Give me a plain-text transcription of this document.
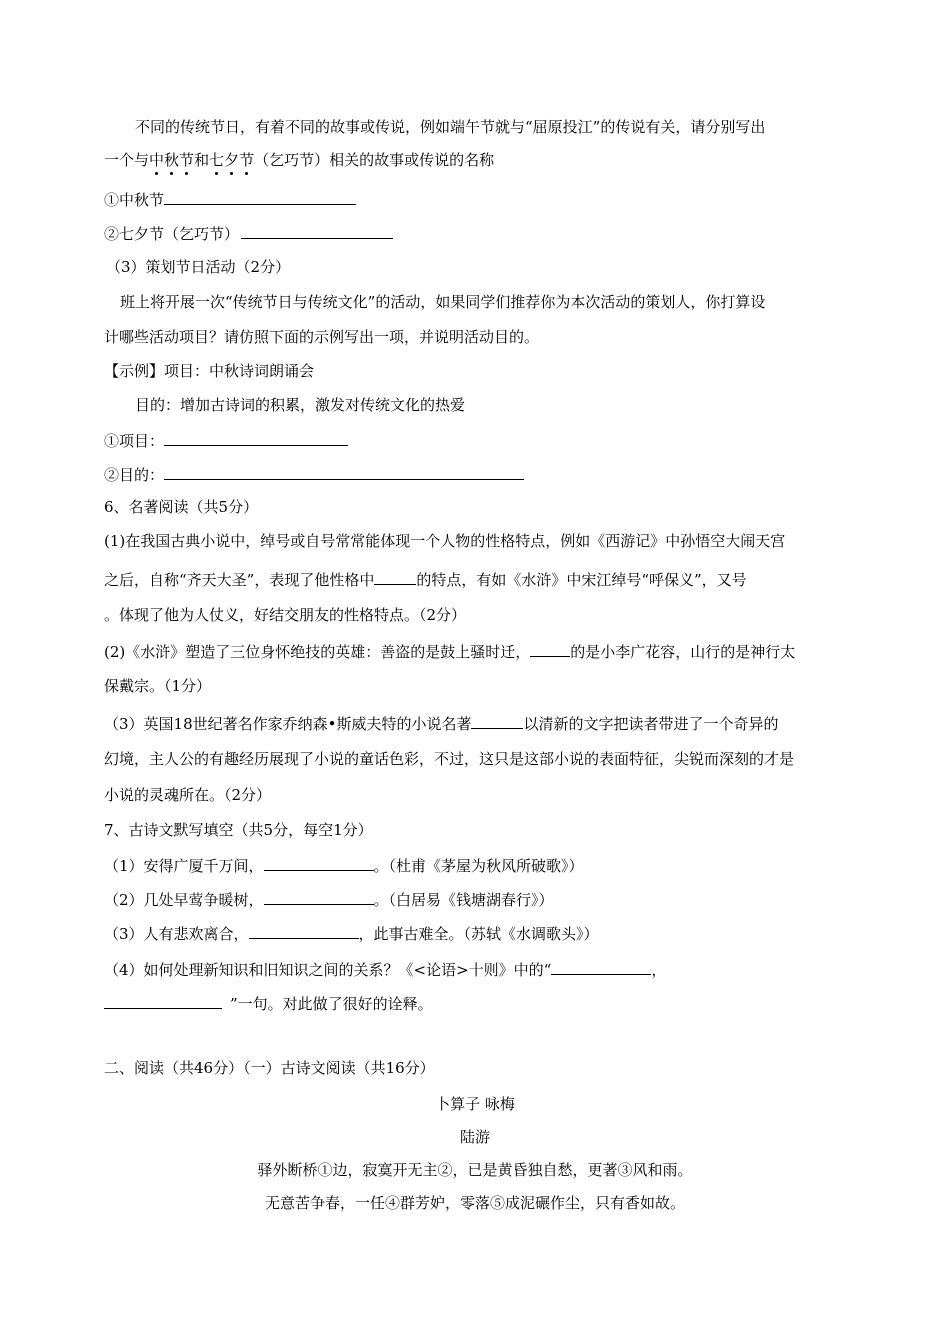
不同的传统节日，有着不同的故事或传说，例如端午节就与“屈原投江”的传说有关，请分别写出
一个与中秋节和七夕节（乞巧节）相关的故事或传说的名称
①中秋节
②七夕节（乞巧节）
（3）策划节日活动（2分）
班上将开展一次“传统节日与传统文化”的活动，如果同学们推荐你为本次活动的策划人，你打算设
计哪些活动项目？请仿照下面的示例写出一项，并说明活动目的。
【示例】项目：中秋诗词朗诵会
目的：增加古诗词的积累，激发对传统文化的热爱
①项目：
②目的：
6、名著阅读（共5分）
(1)在我国古典小说中，绰号或自号常常能体现一个人物的性格特点，例如《西游记》中孙悟空大闹天宫
之后，自称“齐天大圣”，表现了他性格中	的特点，有如《水浒》中宋江绰号“呼保义”，又号
。体现了他为人仗义，好结交朋友的性格特点。（2分）
(2)《水浒》塑造了三位身怀绝技的英雄：善盗的是鼓上骚时迁，	的是小李广花容，山行的是神行太
保戴宗。（1分）
（3）英国18世纪著名作家乔纳森•斯威夫特的小说名著	以清新的文字把读者带进了一个奇异的
幻境，主人公的有趣经历展现了小说的童话色彩，不过，这只是这部小说的表面特征，尖锐而深刻的才是
小说的灵魂所在。（2分）
7、古诗文默写填空（共5分，每空1分）
（1）安得广厦千万间，	。（杜甫《茅屋为秋风所破歌》）
（2）几处早莺争暖树，	。（白居易《钱塘湖春行》）
（3）人有悲欢离合，	，此事古难全。（苏轼《水调歌头》）
（4）如何处理新知识和旧知识之间的关系？《<论语>十则》中的“	，
”一句。对此做了很好的诠释。
二、阅读（共46分）（一）古诗文阅读（共16分）
卜算子 咏梅
陆游
驿外断桥①边，寂寞开无主②，已是黄昏独自愁，更著③风和雨。
无意苦争春，一任④群芳妒，零落⑤成泥碾作尘，只有香如故。
